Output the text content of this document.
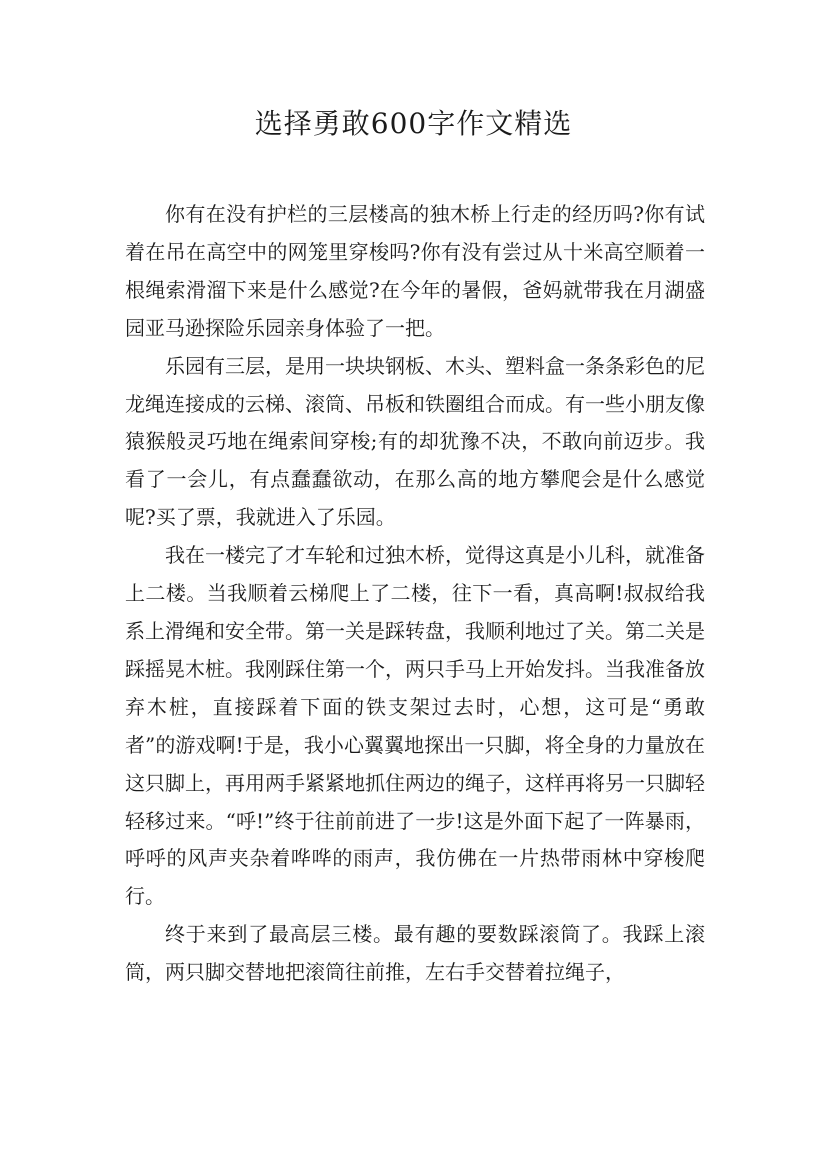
选择勇敢600字作文精选

你有在没有护栏的三层楼高的独木桥上行走的经历吗?你有试着在吊在高空中的网笼里穿梭吗?你有没有尝过从十米高空顺着一根绳索滑溜下来是什么感觉?在今年的暑假，爸妈就带我在月湖盛园亚马逊探险乐园亲身体验了一把。

乐园有三层，是用一块块钢板、木头、塑料盒一条条彩色的尼龙绳连接成的云梯、滚筒、吊板和铁圈组合而成。有一些小朋友像猿猴般灵巧地在绳索间穿梭;有的却犹豫不决，不敢向前迈步。我看了一会儿，有点蠢蠢欲动，在那么高的地方攀爬会是什么感觉呢?买了票，我就进入了乐园。

我在一楼完了才车轮和过独木桥，觉得这真是小儿科，就准备上二楼。当我顺着云梯爬上了二楼，往下一看，真高啊!叔叔给我系上滑绳和安全带。第一关是踩转盘，我顺利地过了关。第二关是踩摇晃木桩。我刚踩住第一个，两只手马上开始发抖。当我准备放弃木桩，直接踩着下面的铁支架过去时，心想，这可是“勇敢者”的游戏啊!于是，我小心翼翼地探出一只脚，将全身的力量放在这只脚上，再用两手紧紧地抓住两边的绳子，这样再将另一只脚轻轻移过来。“呼!”终于往前前进了一步!这是外面下起了一阵暴雨，呼呼的风声夹杂着哗哗的雨声，我仿佛在一片热带雨林中穿梭爬行。

终于来到了最高层三楼。最有趣的要数踩滚筒了。我踩上滚筒，两只脚交替地把滚筒往前推，左右手交替着拉绳子，
